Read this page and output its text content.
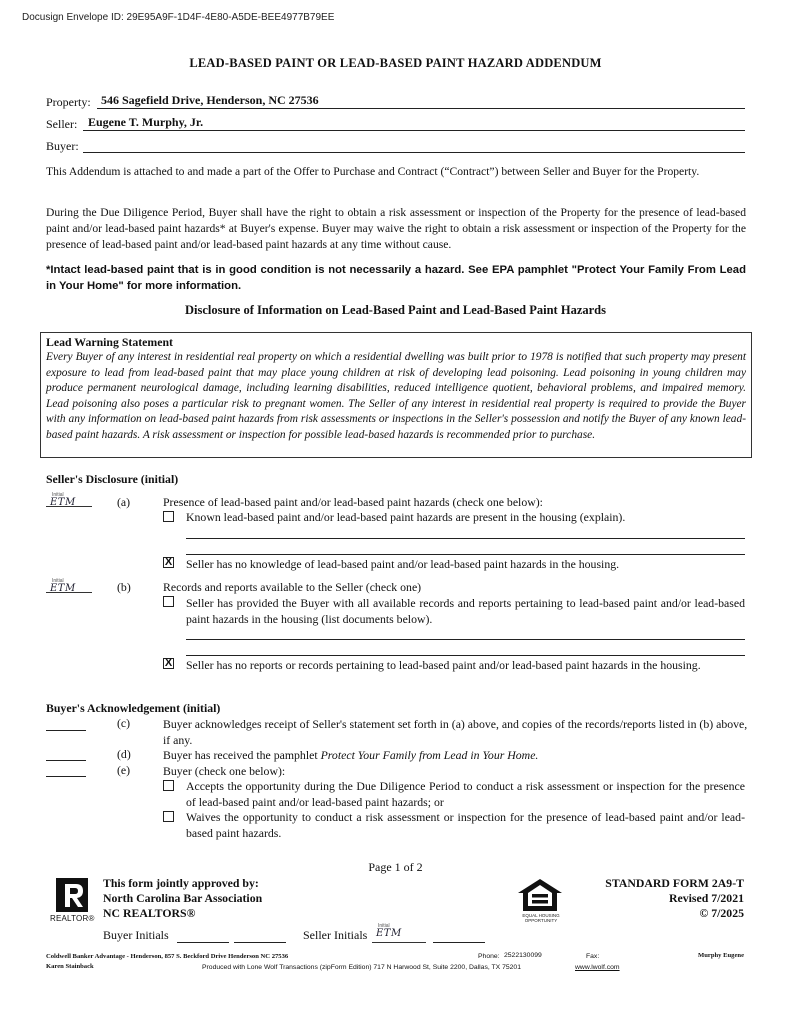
Docusign Envelope ID: 29E95A9F-1D4F-4E80-A5DE-BEE4977B79EE
LEAD-BASED PAINT OR LEAD-BASED PAINT HAZARD ADDENDUM
Property: 546 Sagefield Drive, Henderson, NC 27536
Seller: Eugene T. Murphy, Jr.
Buyer:
This Addendum is attached to and made a part of the Offer to Purchase and Contract (“Contract”) between Seller and Buyer for the Property.
During the Due Diligence Period, Buyer shall have the right to obtain a risk assessment or inspection of the Property for the presence of lead-based paint and/or lead-based paint hazards* at Buyer's expense. Buyer may waive the right to obtain a risk assessment or inspection of the Property for the presence of lead-based paint and/or lead-based paint hazards at any time without cause.
*Intact lead-based paint that is in good condition is not necessarily a hazard. See EPA pamphlet "Protect Your Family From Lead in Your Home" for more information.
Disclosure of Information on Lead-Based Paint and Lead-Based Paint Hazards
Lead Warning Statement
Every Buyer of any interest in residential real property on which a residential dwelling was built prior to 1978 is notified that such property may present exposure to lead from lead-based paint that may place young children at risk of developing lead poisoning. Lead poisoning in young children may produce permanent neurological damage, including learning disabilities, reduced intelligence quotient, behavioral problems, and impaired memory. Lead poisoning also poses a particular risk to pregnant women. The Seller of any interest in residential real property is required to provide the Buyer with any information on lead-based paint hazards from risk assessments or inspections in the Seller's possession and notify the Buyer of any known lead-based paint hazards. A risk assessment or inspection for possible lead-based hazards is recommended prior to purchase.
Seller's Disclosure (initial)
Initial
ETM	(a)	Presence of lead-based paint and/or lead-based paint hazards (check one below):
Known lead-based paint and/or lead-based paint hazards are present in the housing (explain).
X Seller has no knowledge of lead-based paint and/or lead-based paint hazards in the housing.
Initial
ETM	(b)	Records and reports available to the Seller (check one)
Seller has provided the Buyer with all available records and reports pertaining to lead-based paint and/or lead-based paint hazards in the housing (list documents below).
X Seller has no reports or records pertaining to lead-based paint and/or lead-based paint hazards in the housing.
Buyer's Acknowledgement (initial)
(c)	Buyer acknowledges receipt of Seller's statement set forth in (a) above, and copies of the records/reports listed in (b) above, if any.
(d)	Buyer has received the pamphlet Protect Your Family from Lead in Your Home.
(e)	Buyer (check one below):
Accepts the opportunity during the Due Diligence Period to conduct a risk assessment or inspection for the presence of lead-based paint and/or lead-based paint hazards; or
Waives the opportunity to conduct a risk assessment or inspection for the presence of lead-based paint and/or lead-based paint hazards.
Page 1 of 2
REALTOR®
This form jointly approved by:
North Carolina Bar Association
NC REALTORS®	EQUAL HOUSING OPPORTUNITY
STANDARD FORM 2A9-T
Revised 7/2021
© 7/2025
Buyer Initials	Seller Initials
Initial
ETM
Coldwell Banker Advantage - Henderson, 857 S. Beckford Drive Henderson NC 27536	Phone: 2522130099	Fax:	Murphy Eugene
Karen Stainback	Produced with Lone Wolf Transactions (zipForm Edition) 717 N Harwood St, Suite 2200, Dallas, TX 75201	www.lwolf.com
